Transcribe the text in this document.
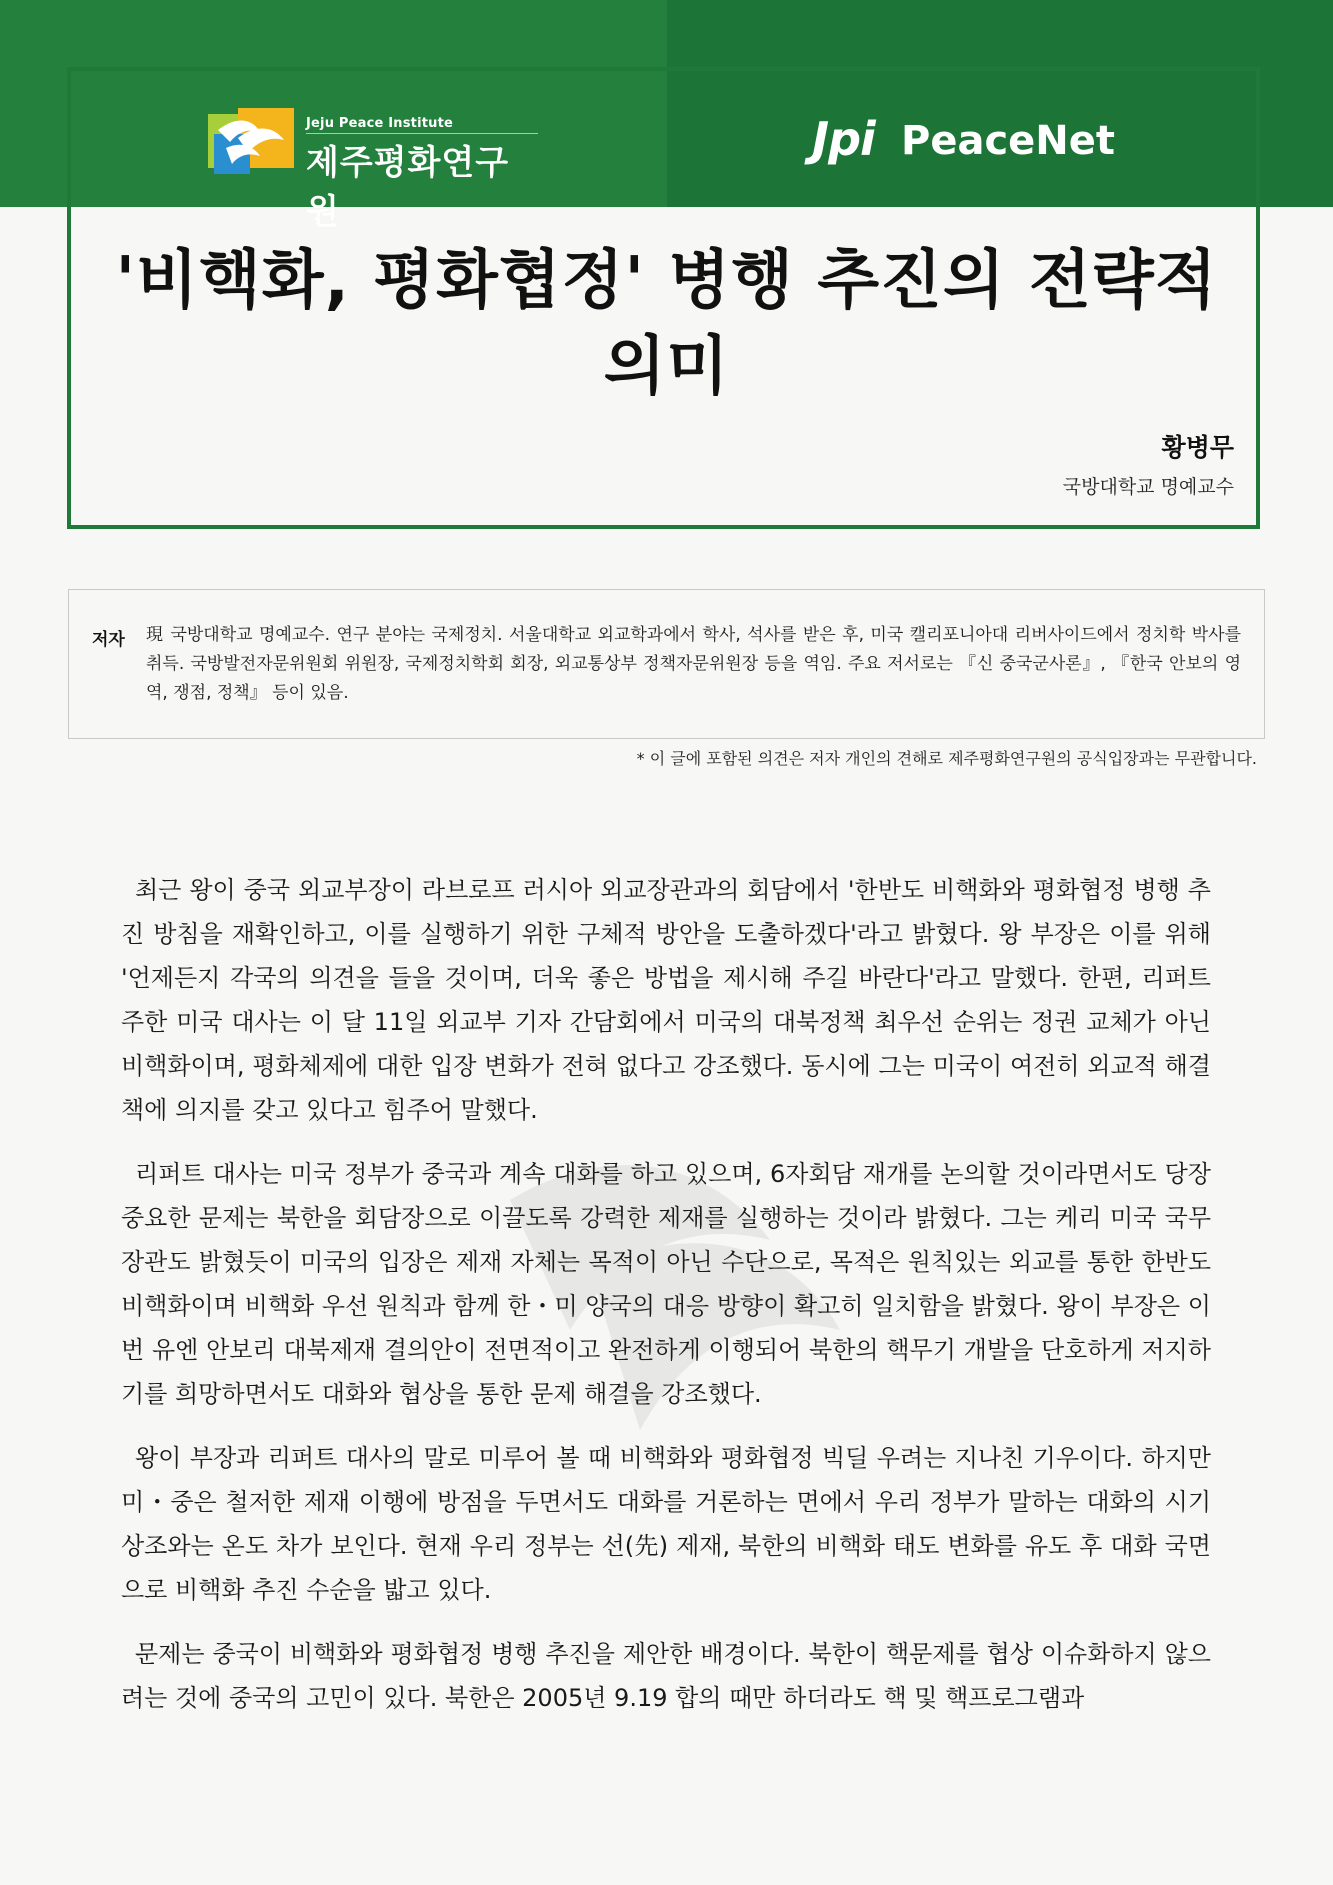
Jeju Peace Institute
제주평화연구원
Jpi PeaceNet
'비핵화, 평화협정' 병행 추진의 전략적 의미
황병무
국방대학교 명예교수
저자 現 국방대학교 명예교수. 연구 분야는 국제정치. 서울대학교 외교학과에서 학사, 석사를 받은 후, 미국 캘리포니아대 리버사이드에서 정치학 박사를 취득. 국방발전자문위원회 위원장, 국제정치학회 회장, 외교통상부 정책자문위원장 등을 역임. 주요 저서로는 『신 중국군사론』, 『한국 안보의 영역, 쟁점, 정책』 등이 있음.
* 이 글에 포함된 의견은 저자 개인의 견해로 제주평화연구원의 공식입장과는 무관합니다.

최근 왕이 중국 외교부장이 라브로프 러시아 외교장관과의 회담에서 '한반도 비핵화와 평화협정 병행 추진 방침을 재확인하고, 이를 실행하기 위한 구체적 방안을 도출하겠다'라고 밝혔다. 왕 부장은 이를 위해 '언제든지 각국의 의견을 들을 것이며, 더욱 좋은 방법을 제시해 주길 바란다'라고 말했다. 한편, 리퍼트 주한 미국 대사는 이 달 11일 외교부 기자 간담회에서 미국의 대북정책 최우선 순위는 정권 교체가 아닌 비핵화이며, 평화체제에 대한 입장 변화가 전혀 없다고 강조했다. 동시에 그는 미국이 여전히 외교적 해결책에 의지를 갖고 있다고 힘주어 말했다.

리퍼트 대사는 미국 정부가 중국과 계속 대화를 하고 있으며, 6자회담 재개를 논의할 것이라면서도 당장 중요한 문제는 북한을 회담장으로 이끌도록 강력한 제재를 실행하는 것이라 밝혔다. 그는 케리 미국 국무장관도 밝혔듯이 미국의 입장은 제재 자체는 목적이 아닌 수단으로, 목적은 원칙있는 외교를 통한 한반도 비핵화이며 비핵화 우선 원칙과 함께 한・미 양국의 대응 방향이 확고히 일치함을 밝혔다. 왕이 부장은 이번 유엔 안보리 대북제재 결의안이 전면적이고 완전하게 이행되어 북한의 핵무기 개발을 단호하게 저지하기를 희망하면서도 대화와 협상을 통한 문제 해결을 강조했다.

왕이 부장과 리퍼트 대사의 말로 미루어 볼 때 비핵화와 평화협정 빅딜 우려는 지나친 기우이다. 하지만 미・중은 철저한 제재 이행에 방점을 두면서도 대화를 거론하는 면에서 우리 정부가 말하는 대화의 시기상조와는 온도 차가 보인다. 현재 우리 정부는 선(先) 제재, 북한의 비핵화 태도 변화를 유도 후 대화 국면으로 비핵화 추진 수순을 밟고 있다.

문제는 중국이 비핵화와 평화협정 병행 추진을 제안한 배경이다. 북한이 핵문제를 협상 이슈화하지 않으려는 것에 중국의 고민이 있다. 북한은 2005년 9.19 합의 때만 하더라도 핵 및 핵프로그램과
